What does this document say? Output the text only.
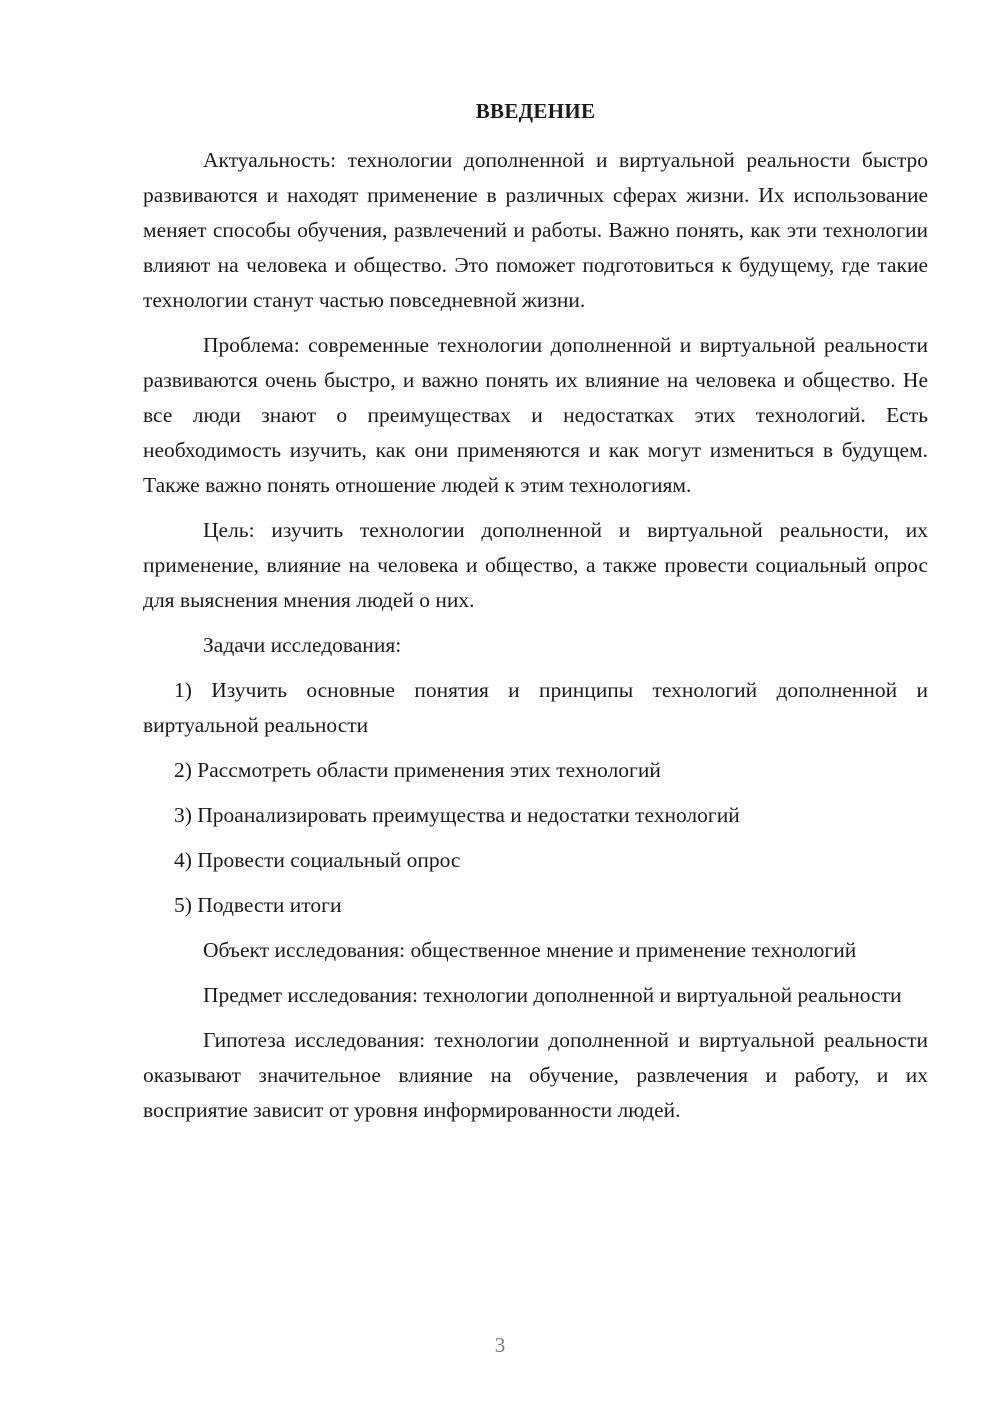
ВВЕДЕНИЕ

Актуальность: технологии дополненной и виртуальной реальности быстро развиваются и находят применение в различных сферах жизни. Их использование меняет способы обучения, развлечений и работы. Важно понять, как эти технологии влияют на человека и общество. Это поможет подготовиться к будущему, где такие технологии станут частью повседневной жизни.

Проблема: современные технологии дополненной и виртуальной реальности развиваются очень быстро, и важно понять их влияние на человека и общество. Не все люди знают о преимуществах и недостатках этих технологий. Есть необходимость изучить, как они применяются и как могут измениться в будущем. Также важно понять отношение людей к этим технологиям.

Цель: изучить технологии дополненной и виртуальной реальности, их применение, влияние на человека и общество, а также провести социальный опрос для выяснения мнения людей о них.

Задачи исследования:

1) Изучить основные понятия и принципы технологий дополненной и виртуальной реальности

2) Рассмотреть области применения этих технологий

3) Проанализировать преимущества и недостатки технологий

4) Провести социальный опрос

5) Подвести итоги

Объект исследования: общественное мнение и применение технологий

Предмет исследования: технологии дополненной и виртуальной реальности

Гипотеза исследования: технологии дополненной и виртуальной реальности оказывают значительное влияние на обучение, развлечения и работу, и их восприятие зависит от уровня информированности людей.

3
